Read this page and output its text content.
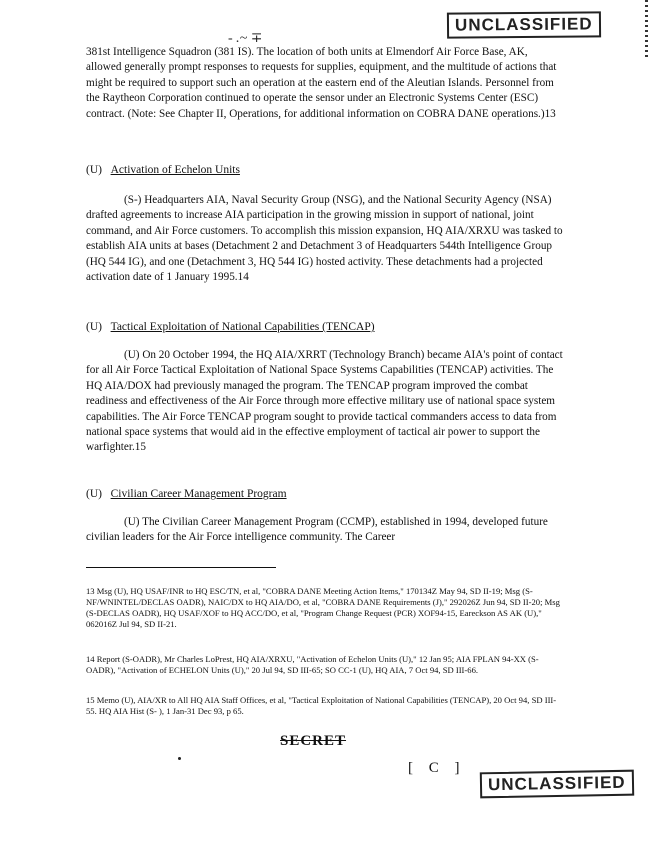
UNCLASSIFIED
- .~ ∓

381st Intelligence Squadron (381 IS). The location of both units at Elmendorf Air Force Base, AK, allowed generally prompt responses to requests for supplies, equipment, and the multitude of actions that might be required to support such an operation at the eastern end of the Aleutian Islands. Personnel from the Raytheon Corporation continued to operate the sensor under an Electronic Systems Center (ESC) contract. (Note: See Chapter II, Operations, for additional information on COBRA DANE operations.)13

(U) Activation of Echelon Units

(S-) Headquarters AIA, Naval Security Group (NSG), and the National Security Agency (NSA) drafted agreements to increase AIA participation in the growing mission in support of national, joint command, and Air Force customers. To accomplish this mission expansion, HQ AIA/XRXU was tasked to establish AIA units at bases (Detachment 2 and Detachment 3 of Headquarters 544th Intelligence Group (HQ 544 IG), and one (Detachment 3, HQ 544 IG) hosted activity. These detachments had a projected activation date of 1 January 1995.14

(U) Tactical Exploitation of National Capabilities (TENCAP)

(U) On 20 October 1994, the HQ AIA/XRRT (Technology Branch) became AIA's point of contact for all Air Force Tactical Exploitation of National Space Systems Capabilities (TENCAP) activities. The HQ AIA/DOX had previously managed the program. The TENCAP program improved the combat readiness and effectiveness of the Air Force through more effective military use of national space system capabilities. The Air Force TENCAP program sought to provide tactical commanders access to data from national space systems that would aid in the effective employment of tactical air power to support the warfighter.15

(U) Civilian Career Management Program

(U) The Civilian Career Management Program (CCMP), established in 1994, developed future civilian leaders for the Air Force intelligence community. The Career

13 Msg (U), HQ USAF/INR to HQ ESC/TN, et al, "COBRA DANE Meeting Action Items," 170134Z May 94, SD II-19; Msg (S-NF/WNINTEL/DECLAS OADR), NAIC/DX to HQ AIA/DO, et al, "COBRA DANE Requirements (J)," 292026Z Jun 94, SD II-20; Msg (S-DECLAS OADR), HQ USAF/XOF to HQ ACC/DO, et al, "Program Change Request (PCR) XOF94-15, Eareckson AS AK (U)," 062016Z Jul 94, SD II-21.

14 Report (S-OADR), Mr Charles LoPrest, HQ AIA/XRXU, "Activation of Echelon Units (U)," 12 Jan 95; AIA FPLAN 94-XX (S-OADR), "Activation of ECHELON Units (U)," 20 Jul 94, SD III-65; SO CC-1 (U), HQ AIA, 7 Oct 94, SD III-66.

15 Memo (U), AIA/XR to All HQ AIA Staff Offices, et al, "Tactical Exploitation of National Capabilities (TENCAP), 20 Oct 94, SD III-55. HQ AIA Hist (S- ), 1 Jan-31 Dec 93, p 65.

SECRET
[ C ]
UNCLASSIFIED
